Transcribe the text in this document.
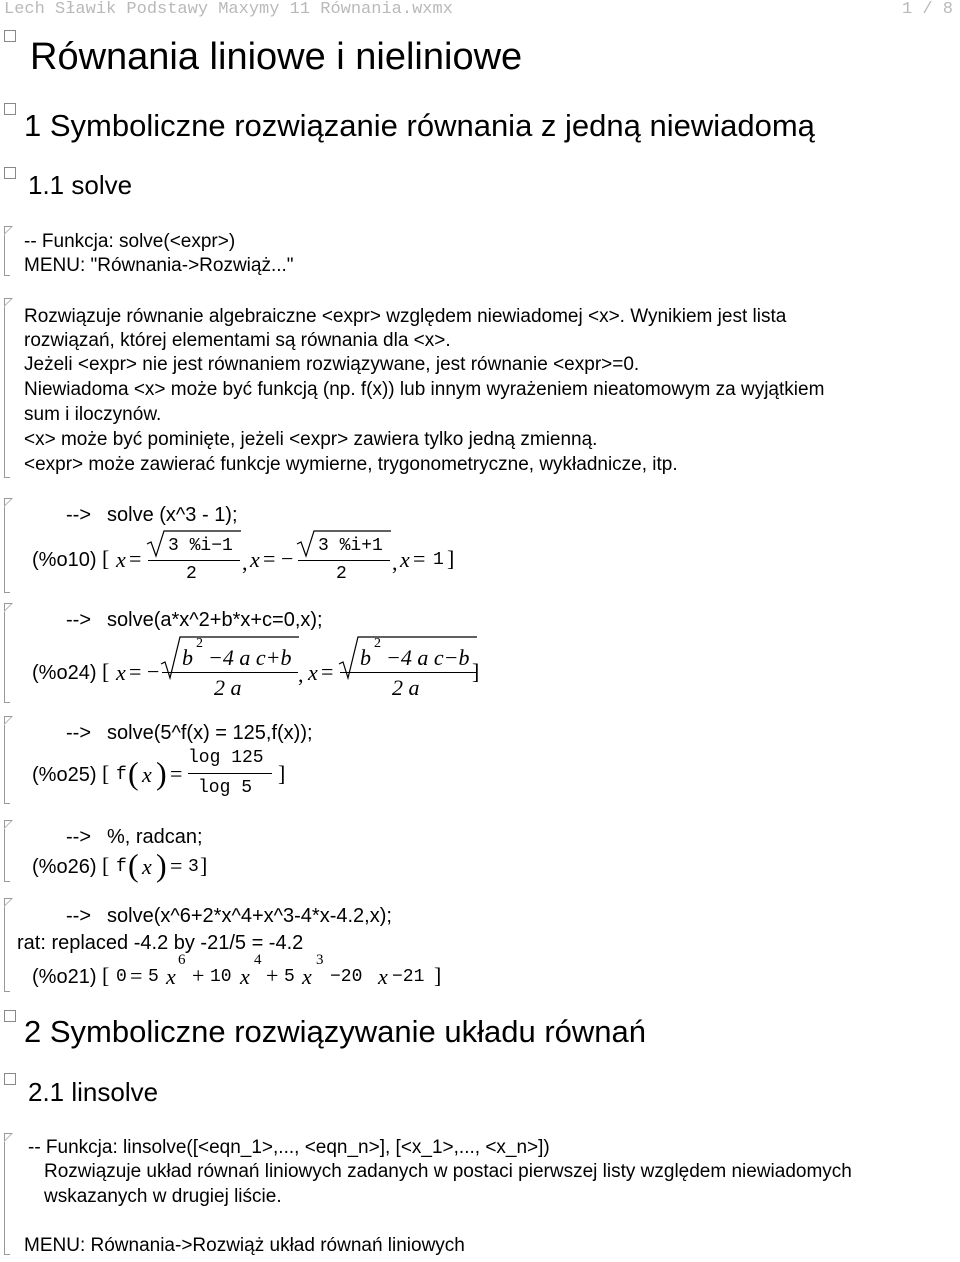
Lech Sławik Podstawy Maxymy 11 Równania.wxmx	1 / 8
Równania liniowe i nieliniowe
1 Symboliczne rozwiązanie równania z jedną niewiadomą
1.1 solve
-- Funkcja: solve(<expr>)
MENU: "Równania->Rozwiąż..."
Rozwiązuje równanie algebraiczne <expr> względem niewiadomej <x>. Wynikiem jest lista
rozwiązań, której elementami są równania dla <x>.
Jeżeli <expr> nie jest równaniem rozwiązywane, jest równanie <expr>=0.
Niewiadoma <x> może być funkcją (np. f(x)) lub innym wyrażeniem nieatomowym za wyjątkiem
sum i iloczynów.
<x> może być pominięte, jeżeli <expr> zawiera tylko jedną zmienną.
<expr> może zawierać funkcje wymierne, trygonometryczne, wykładnicze, itp.
--> solve (x^3 - 1);
(%o10) [ x = 3 %i−1
2 , x = − 3 %i+1
2 , x = 1 ]
--> solve(a*x^2+b*x+c=0,x);
(%o24) [ x = −
b
2
−4 a c+b
2 a
, x =
b
2
−4 a c−b
2 a
]
--> solve(5^f(x) = 125,f(x));
(%o25) [ f ( x ) =
log 125
log 5
]
--> %, radcan;
(%o26) [ f ( x ) = 3 ]
--> solve(x^6+2*x^4+x^3-4*x-4.2,x);
rat: replaced -4.2 by -21/5 = -4.2
(%o21) [ 0 = 5 x
6
+ 10 x
4
+ 5 x
3
−20 x −21 ]
2 Symboliczne rozwiązywanie układu równań
2.1 linsolve
-- Funkcja: linsolve([<eqn_1>,..., <eqn_n>], [<x_1>,..., <x_n>])
Rozwiązuje układ równań liniowych zadanych w postaci pierwszej listy względem niewiadomych
wskazanych w drugiej liście.
MENU: Równania->Rozwiąż układ równań liniowych
